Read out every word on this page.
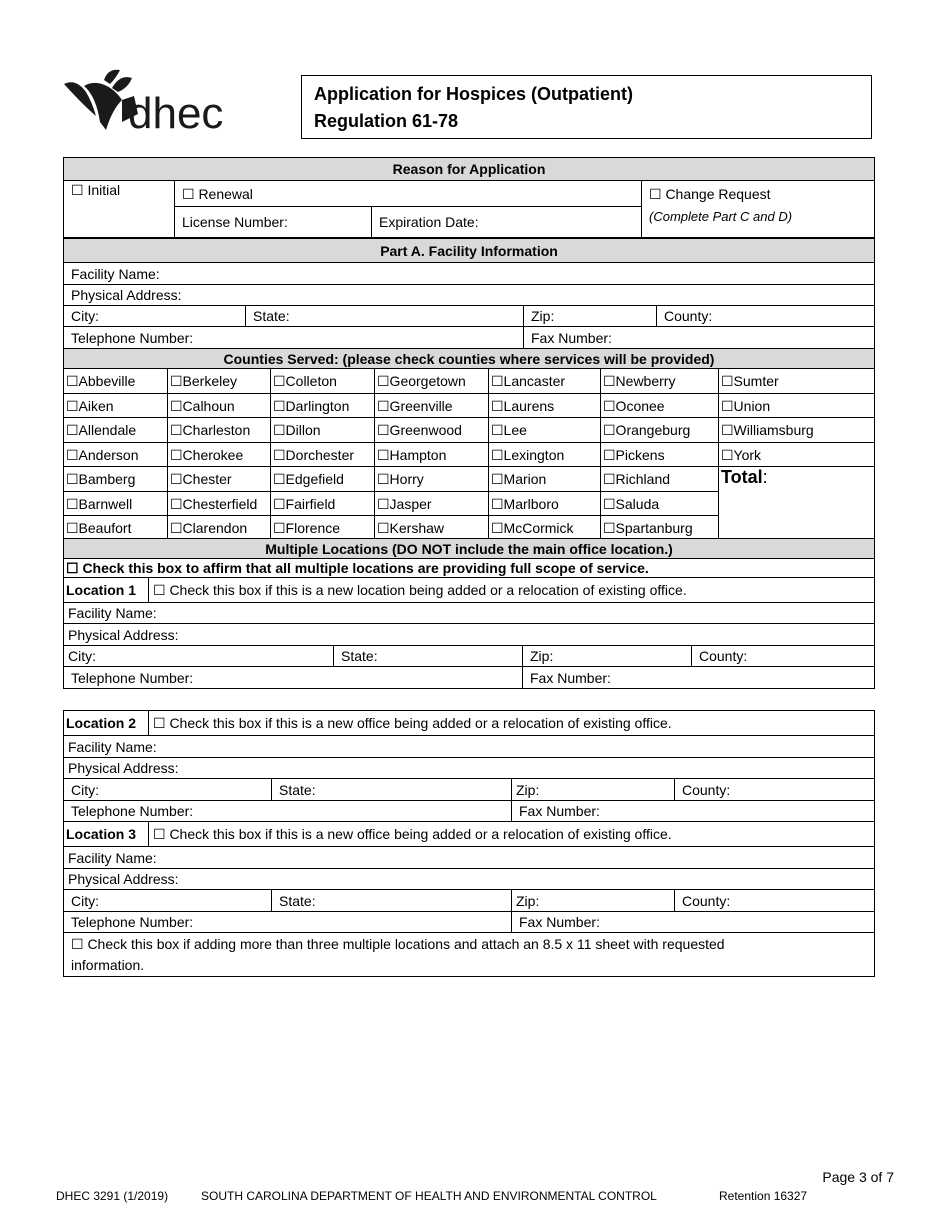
dhec	Application for Hospices (Outpatient)
Regulation 61-78
Reason for Application			
☐ Initial	☐ Renewal		☐ Change Request
	License Number:	Expiration Date:	(Complete Part C and D)
Part A. Facility Information			
Facility Name:			
Physical Address:			
City:	State:	Zip:	County:
Telephone Number:		Fax Number:	
Counties Served: (please check counties where services will be provided)						
☐Abbeville	☐Berkeley	☐Colleton	☐Georgetown	☐Lancaster	☐Newberry	☐Sumter
☐Aiken	☐Calhoun	☐Darlington	☐Greenville	☐Laurens	☐Oconee	☐Union
☐Allendale	☐Charleston	☐Dillon	☐Greenwood	☐Lee	☐Orangeburg	☐Williamsburg
☐Anderson	☐Cherokee	☐Dorchester	☐Hampton	☐Lexington	☐Pickens	☐York
☐Bamberg	☐Chester	☐Edgefield	☐Horry	☐Marion	☐Richland	Total:
☐Barnwell	☐Chesterfield	☐Fairfield	☐Jasper	☐Marlboro	☐Saluda	
☐Beaufort	☐Clarendon	☐Florence	☐Kershaw	☐McCormick	☐Spartanburg	
Multiple Locations (DO NOT include the main office location.)				
☐ Check this box to affirm that all multiple locations are providing full scope of service.				
Location 1	☐ Check this box if this is a new location being added or a relocation of existing office.			
Facility Name:				
Physical Address:				
City:		State:	Zip:	County:
Telephone Number:			Fax Number:	
Location 2	☐ Check this box if this is a new office being added or a relocation of existing office.			
Facility Name:				
Physical Address:				
City:		State:	Zip:	County:
Telephone Number:			Fax Number:	
Location 3	☐ Check this box if this is a new office being added or a relocation of existing office.			
Facility Name:				
Physical Address:				
City:		State:	Zip:	County:
Telephone Number:			Fax Number:	

☐ Check this box if adding more than three multiple locations and attach an 8.5 x 11 sheet with requested
information.				
Page 3 of 7
DHEC 3291 (1/2019)	SOUTH CAROLINA DEPARTMENT OF HEALTH AND ENVIRONMENTAL CONTROL	Retention 16327
